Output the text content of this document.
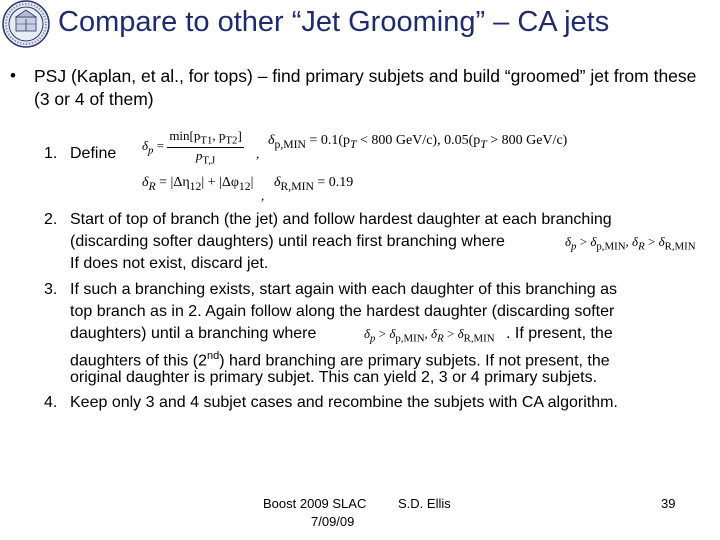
Compare to other “Jet Grooming” – CA jets
• PSJ (Kaplan, et al., for tops) – find primary subjets and build “groomed” jet from these (3 or 4 of them)
1. Define $\delta_p = \frac{\min[p_{T1}, p_{T2}]}{p_{T,J}}$ ,
$\delta_{p,MIN} = 0.1(p_T < 800$ GeV/c), $0.05(p_T > 800$ GeV/c)
$\delta_R = |\Delta\eta_{12}| + |\Delta\varphi_{12}|$
,
$\delta_{R,MIN} = 0.19$
2. Start of top of branch (the jet) and follow hardest daughter at each branching
(discarding softer daughters) until reach first branching where	$\delta_p > \delta_{p,MIN}$, $\delta_R > \delta_{R,MIN}$
If does not exist, discard jet.
3. If such a branching exists, start again with each daughter of this branching as
top branch as in 2. Again follow along the hardest daughter (discarding softer
daughters) until a branching where	$\delta_p > \delta_{p,MIN}$, $\delta_R > \delta_{R,MIN}$ . If present, the
daughters of this (2nd) hard branching are primary subjets. If not present, the
original daughter is primary subjet. This can yield 2, 3 or 4 primary subjets.
4. Keep only 3 and 4 subjet cases and recombine the subjets with CA algorithm.
Boost 2009 SLAC
7/09/09
S.D. Ellis	39
